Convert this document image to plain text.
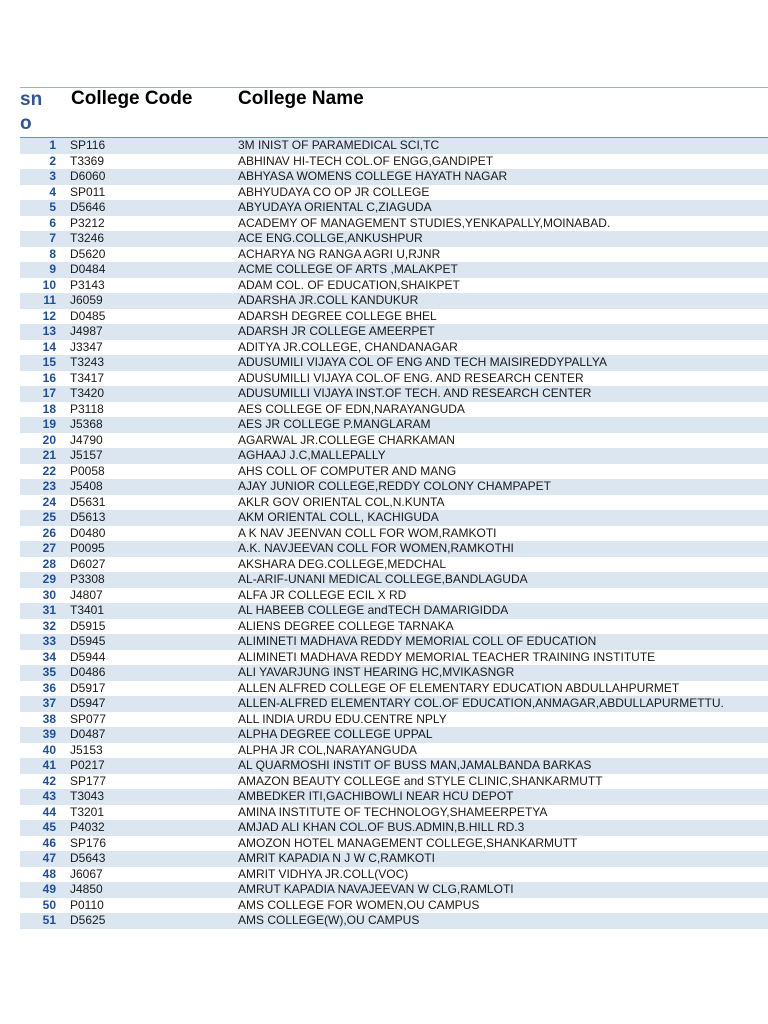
sno
College Code College Name
1 SP116	3M INIST OF PARAMEDICAL SCI,TC
2 T3369	ABHINAV HI-TECH COL.OF ENGG,GANDIPET
3 D6060	ABHYASA WOMENS COLLEGE HAYATH NAGAR
4 SP011	ABHYUDAYA CO OP JR COLLEGE
5 D5646	ABYUDAYA ORIENTAL C,ZIAGUDA
6 P3212	ACADEMY OF MANAGEMENT STUDIES,YENKAPALLY,MOINABAD.
7 T3246	ACE ENG.COLLGE,ANKUSHPUR
8 D5620	ACHARYA NG RANGA AGRI U,RJNR
9 D0484	ACME COLLEGE OF ARTS ,MALAKPET
10 P3143	ADAM COL. OF EDUCATION,SHAIKPET
11 J6059	ADARSHA JR.COLL KANDUKUR
12 D0485	ADARSH DEGREE COLLEGE BHEL
13 J4987	ADARSH JR COLLEGE AMEERPET
14 J3347	ADITYA JR.COLLEGE, CHANDANAGAR
15 T3243	ADUSUMILI VIJAYA COL OF ENG AND TECH MAISIREDDYPALLYA
16 T3417	ADUSUMILLI VIJAYA COL.OF ENG. AND RESEARCH CENTER
17 T3420	ADUSUMILLI VIJAYA INST.OF TECH. AND RESEARCH CENTER
18 P3118	AES COLLEGE OF EDN,NARAYANGUDA
19 J5368	AES JR COLLEGE P.MANGLARAM
20 J4790	AGARWAL JR.COLLEGE CHARKAMAN
21 J5157	AGHAAJ J.C,MALLEPALLY
22 P0058	AHS COLL OF COMPUTER AND MANG
23 J5408	AJAY JUNIOR COLLEGE,REDDY COLONY CHAMPAPET
24 D5631	AKLR GOV ORIENTAL COL,N.KUNTA
25 D5613	AKM ORIENTAL COLL, KACHIGUDA
26 D0480	A K NAV JEENVAN COLL FOR WOM,RAMKOTI
27 P0095	A.K. NAVJEEVAN COLL FOR WOMEN,RAMKOTHI
28 D6027	AKSHARA DEG.COLLEGE,MEDCHAL
29 P3308	AL-ARIF-UNANI MEDICAL COLLEGE,BANDLAGUDA
30 J4807	ALFA JR COLLEGE ECIL X RD
31 T3401	AL HABEEB COLLEGE andTECH DAMARIGIDDA
32 D5915	ALIENS DEGREE COLLEGE TARNAKA
33 D5945	ALIMINETI MADHAVA REDDY MEMORIAL COLL OF EDUCATION
34 D5944	ALIMINETI MADHAVA REDDY MEMORIAL TEACHER TRAINING INSTITUTE
35 D0486	ALI YAVARJUNG INST HEARING HC,MVIKASNGR
36 D5917	ALLEN ALFRED COLLEGE OF ELEMENTARY EDUCATION ABDULLAHPURMET
37 D5947	ALLEN-ALFRED ELEMENTARY COL.OF EDUCATION,ANMAGAR,ABDULLAPURMETTU.
38 SP077	ALL INDIA URDU EDU.CENTRE NPLY
39 D0487	ALPHA DEGREE COLLEGE UPPAL
40 J5153	ALPHA JR COL,NARAYANGUDA
41 P0217	AL QUARMOSHI INSTIT OF BUSS MAN,JAMALBANDA BARKAS
42 SP177	AMAZON BEAUTY COLLEGE and STYLE CLINIC,SHANKARMUTT
43 T3043	AMBEDKER ITI,GACHIBOWLI NEAR HCU DEPOT
44 T3201	AMINA INSTITUTE OF TECHNOLOGY,SHAMEERPETYA
45 P4032	AMJAD ALI KHAN COL.OF BUS.ADMIN,B.HILL RD.3
46 SP176	AMOZON HOTEL MANAGEMENT COLLEGE,SHANKARMUTT
47 D5643	AMRIT KAPADIA N J W C,RAMKOTI
48 J6067	AMRIT VIDHYA JR.COLL(VOC)
49 J4850	AMRUT KAPADIA NAVAJEEVAN W CLG,RAMLOTI
50 P0110	AMS COLLEGE FOR WOMEN,OU CAMPUS
51 D5625	AMS COLLEGE(W),OU CAMPUS
